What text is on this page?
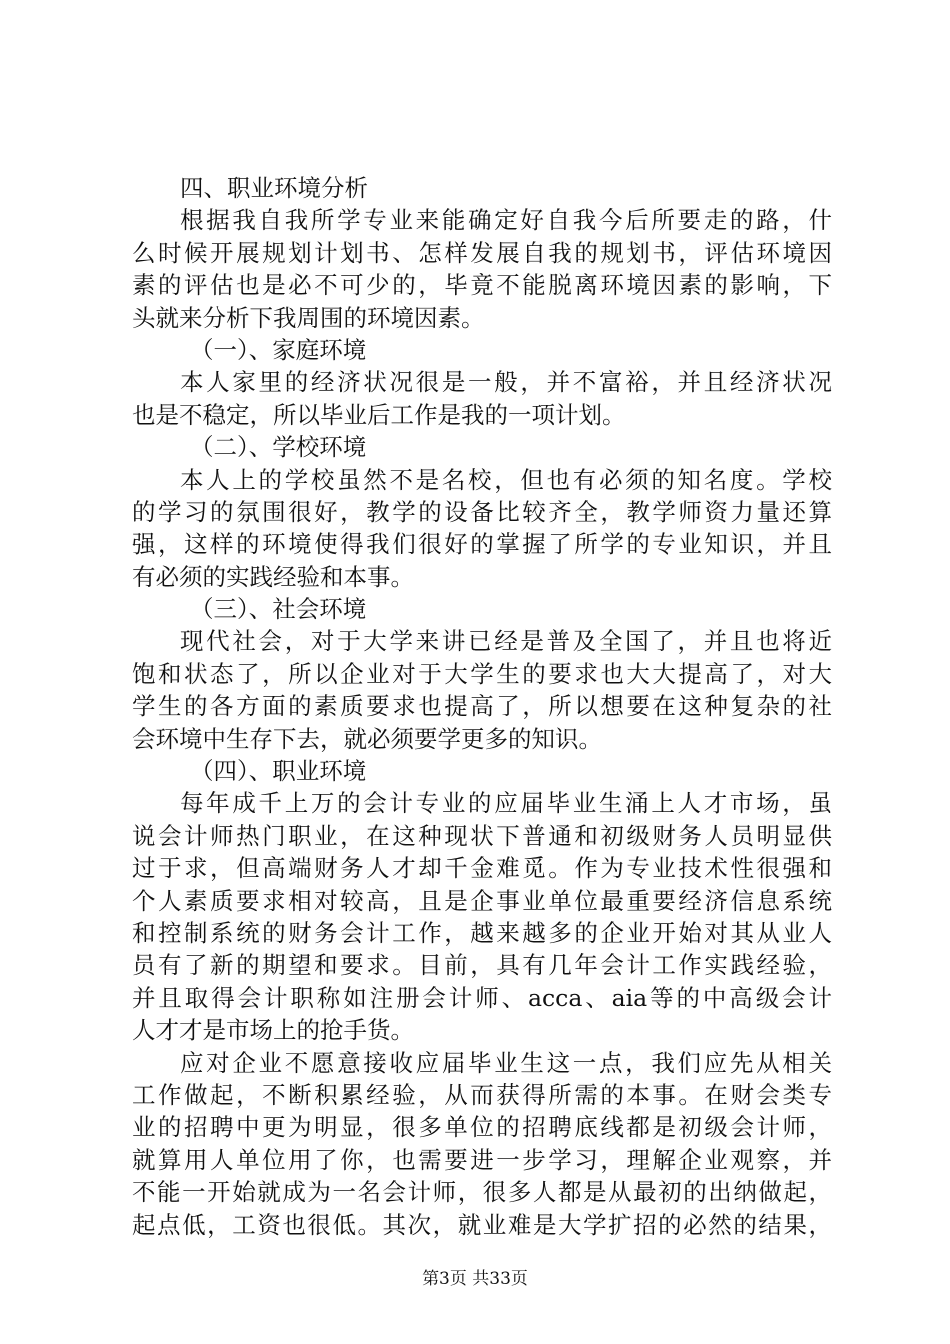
四、职业环境分析
根据我自我所学专业来能确定好自我今后所要走的路，什
么时候开展规划计划书、怎样发展自我的规划书，评估环境因
素的评估也是必不可少的，毕竟不能脱离环境因素的影响，下
头就来分析下我周围的环境因素。
（一）、家庭环境
本人家里的经济状况很是一般，并不富裕，并且经济状况
也是不稳定，所以毕业后工作是我的一项计划。
（二）、学校环境
本人上的学校虽然不是名校，但也有必须的知名度。学校
的学习的氛围很好，教学的设备比较齐全，教学师资力量还算
强，这样的环境使得我们很好的掌握了所学的专业知识，并且
有必须的实践经验和本事。
（三）、社会环境
现代社会，对于大学来讲已经是普及全国了，并且也将近
饱和状态了，所以企业对于大学生的要求也大大提高了，对大
学生的各方面的素质要求也提高了，所以想要在这种复杂的社
会环境中生存下去，就必须要学更多的知识。
（四）、职业环境
每年成千上万的会计专业的应届毕业生涌上人才市场，虽
说会计师热门职业，在这种现状下普通和初级财务人员明显供
过于求，但高端财务人才却千金难觅。作为专业技术性很强和
个人素质要求相对较高，且是企事业单位最重要经济信息系统
和控制系统的财务会计工作，越来越多的企业开始对其从业人
员有了新的期望和要求。目前，具有几年会计工作实践经验，
并且取得会计职称如注册会计师、acca、aia等的中高级会计
人才才是市场上的抢手货。
应对企业不愿意接收应届毕业生这一点，我们应先从相关
工作做起，不断积累经验，从而获得所需的本事。在财会类专
业的招聘中更为明显，很多单位的招聘底线都是初级会计师，
就算用人单位用了你，也需要进一步学习，理解企业观察，并
不能一开始就成为一名会计师，很多人都是从最初的出纳做起，
起点低，工资也很低。其次，就业难是大学扩招的必然的结果，
第3页 共33页
